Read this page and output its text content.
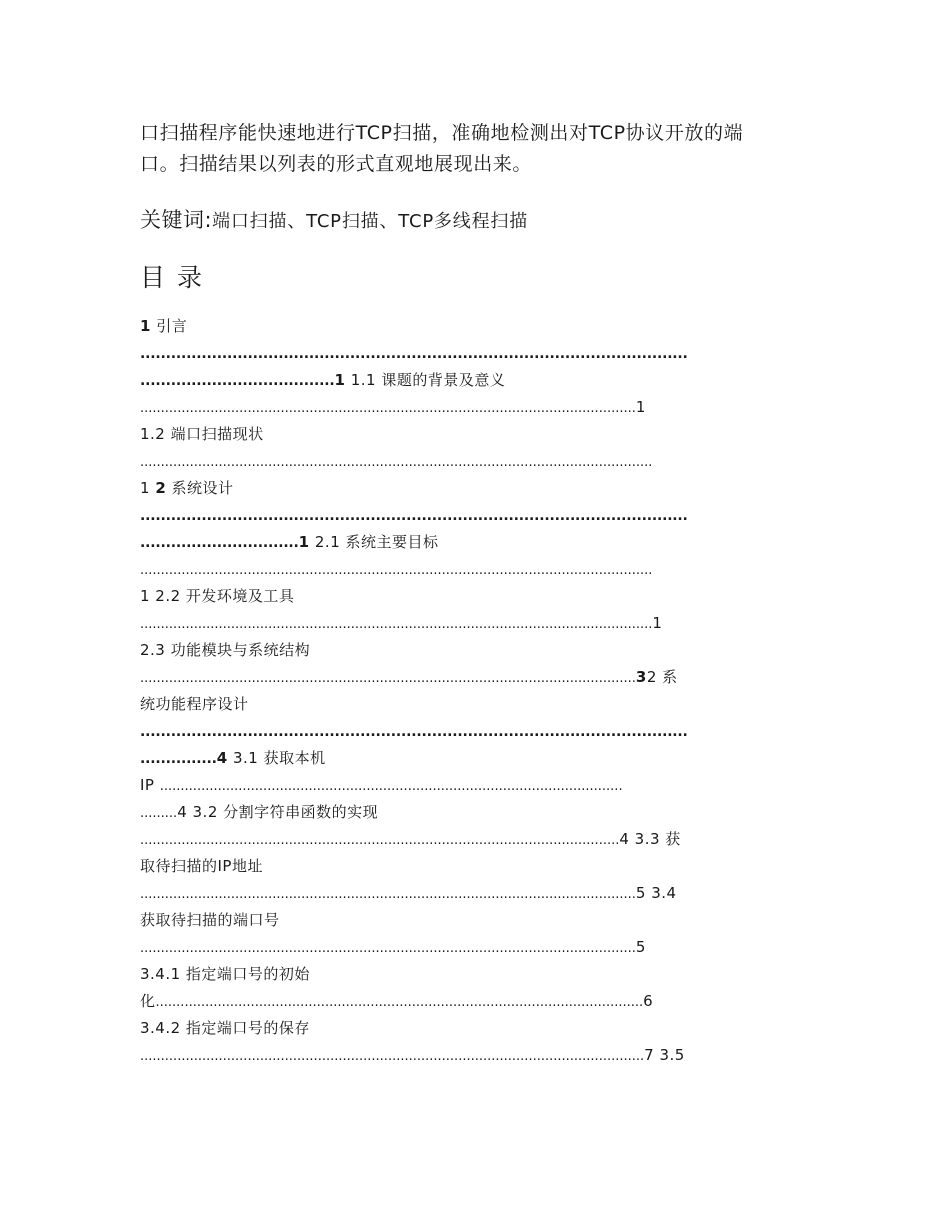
口扫描程序能快速地进行TCP扫描，准确地检测出对TCP协议开放的端

口。扫描结果以列表的形式直观地展现出来。

关键词:端口扫描、TCP扫描、TCP多线程扫描
目录
1 引言
...........................................................................................................
......................................1 1.1 课题的背景及意义
........................................................................................................................1
1.2 端口扫描现状
............................................................................................................................
1 2 系统设计
...........................................................................................................
...............................1 2.1 系统主要目标
............................................................................................................................
1 2.2 开发环境及工具
............................................................................................................................1
2.3 功能模块与系统结构
........................................................................................................................32 系
统功能程序设计
...........................................................................................................
...............4 3.1 获取本机
IP ................................................................................................................
.........4 3.2 分割字符串函数的实现
....................................................................................................................4 3.3 获
取待扫描的IP地址
........................................................................................................................5 3.4
获取待扫描的端口号
........................................................................................................................5
3.4.1 指定端口号的初始
化......................................................................................................................6
3.4.2 指定端口号的保存
..........................................................................................................................7 3.5
